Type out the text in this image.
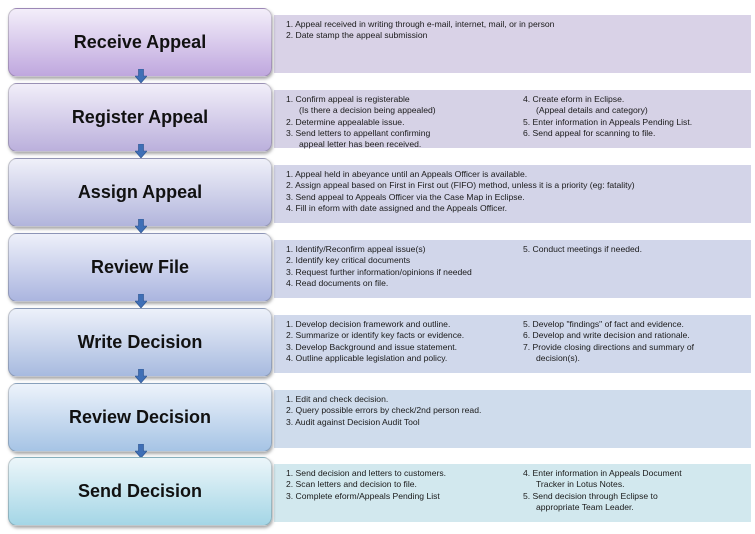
1. Appeal received in writing through e-mail, internet, mail, or in person
2. Date stamp the appeal submission
Receive Appeal
1. Confirm appeal is registerable
(Is there a decision being appealed)
2. Determine appealable issue.
3. Send letters to appellant confirming
appeal letter has been received.
4. Create eform in Eclipse.
(Appeal details and category)
5. Enter information in Appeals Pending List.
6. Send appeal for scanning to file.
Register Appeal
1. Appeal held in abeyance until an Appeals Officer is available.
2. Assign appeal based on First in First out (FIFO) method, unless it is a priority (eg: fatality)
3. Send appeal to Appeals Officer via the Case Map in Eclipse.
4. Fill in eform with date assigned and the Appeals Officer.
Assign Appeal
1. Identify/Reconfirm appeal issue(s)
2. Identify key critical documents
3. Request further information/opinions if needed
4. Read documents on file.
5. Conduct meetings if needed.
Review File
1. Develop decision framework and outline.
2. Summarize or identify key facts or evidence.
3. Develop Background and issue statement.
4. Outline applicable legislation and policy.
5. Develop "findings" of fact and evidence.
6. Develop and write decision and rationale.
7. Provide closing directions and summary of
decision(s).
Write Decision
1. Edit and check decision.
2. Query possible errors by check/2nd person read.
3. Audit against Decision Audit Tool
Review Decision
1. Send decision and letters to customers.
2. Scan letters and decision to file.
3. Complete eform/Appeals Pending List
4. Enter information in Appeals Document
Tracker in Lotus Notes.
5. Send decision through Eclipse to
appropriate Team Leader.
Send Decision
